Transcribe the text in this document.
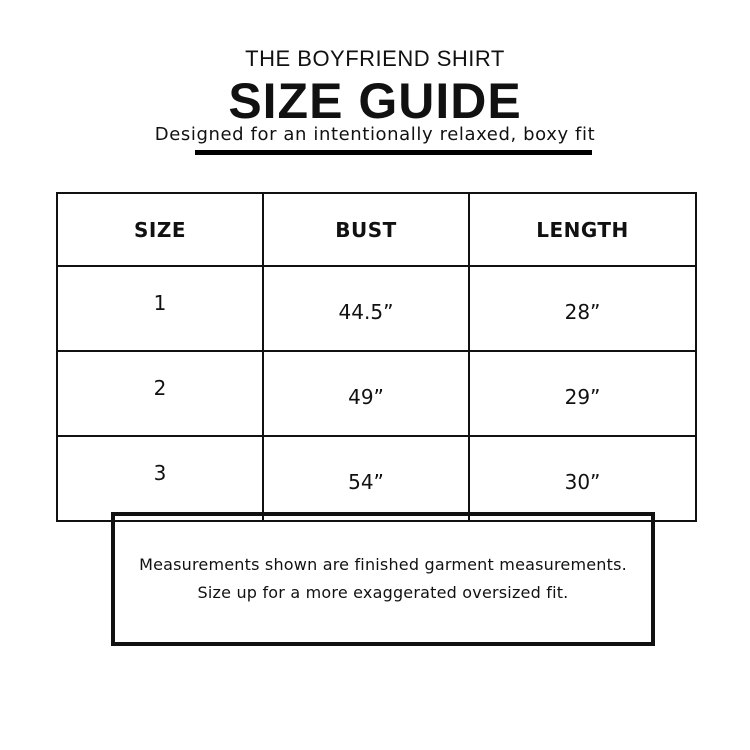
THE BOYFRIEND SHIRT
SIZE GUIDE
Designed for an intentionally relaxed, boxy fit
SIZE	BUST	LENGTH
1	44.5”	28”
2	49”	29”
3	54”	30”
Measurements shown are finished garment measurements.
Size up for a more exaggerated oversized fit.
